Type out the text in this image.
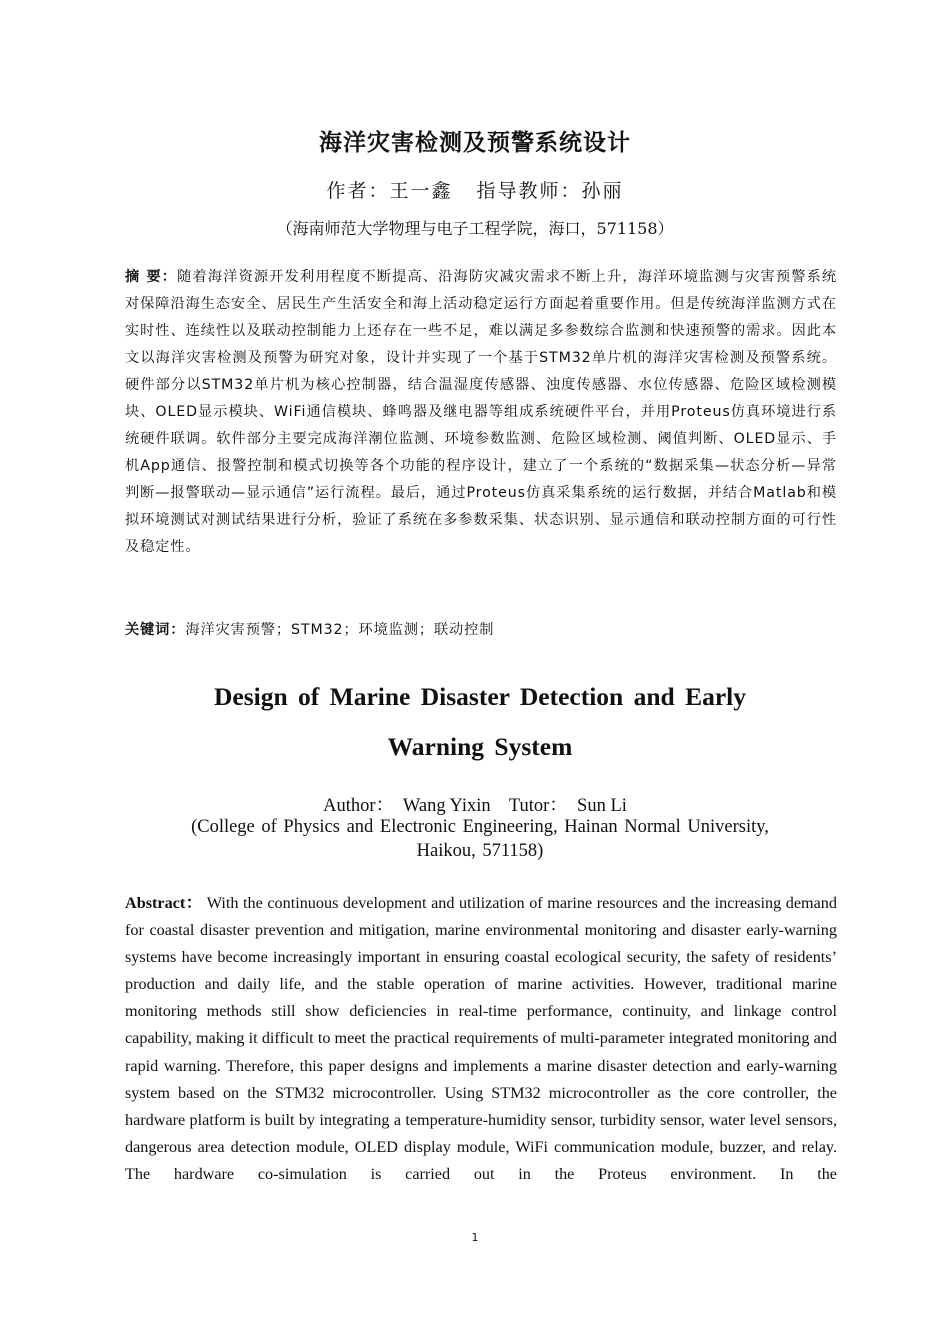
海洋灾害检测及预警系统设计
作者：王一鑫   指导教师：孙丽
（海南师范大学物理与电子工程学院，海口，571158）

摘 要：随着海洋资源开发利用程度不断提高、沿海防灾减灾需求不断上升，海洋环境监测与灾害预警系统对保障沿海生态安全、居民生产生活安全和海上活动稳定运行方面起着重要作用。但是传统海洋监测方式在实时性、连续性以及联动控制能力上还存在一些不足，难以满足多参数综合监测和快速预警的需求。因此本文以海洋灾害检测及预警为研究对象，设计并实现了一个基于STM32单片机的海洋灾害检测及预警系统。硬件部分以STM32单片机为核心控制器，结合温湿度传感器、浊度传感器、水位传感器、危险区域检测模块、OLED显示模块、WiFi通信模块、蜂鸣器及继电器等组成系统硬件平台，并用Proteus仿真环境进行系统硬件联调。软件部分主要完成海洋潮位监测、环境参数监测、危险区域检测、阈值判断、OLED显示、手机App通信、报警控制和模式切换等各个功能的程序设计，建立了一个系统的“数据采集—状态分析—异常判断—报警联动—显示通信”运行流程。最后，通过Proteus仿真采集系统的运行数据，并结合Matlab和模拟环境测试对测试结果进行分析，验证了系统在多参数采集、状态识别、显示通信和联动控制方面的可行性及稳定性。

关键词：海洋灾害预警；STM32；环境监测；联动控制
Design of Marine Disaster Detection and Early Warning System
Author：  Wang Yixin    Tutor：  Sun Li
(College of Physics and Electronic Engineering, Hainan Normal University, Haikou, 571158)

Abstract： With the continuous development and utilization of marine resources and the increasing demand for coastal disaster prevention and mitigation, marine environmental monitoring and disaster early-warning systems have become increasingly important in ensuring coastal ecological security, the safety of residents’ production and daily life, and the stable operation of marine activities. However, traditional marine monitoring methods still show deficiencies in real-time performance, continuity, and linkage control capability, making it difficult to meet the practical requirements of multi-parameter integrated monitoring and rapid warning. Therefore, this paper designs and implements a marine disaster detection and early-warning system based on the STM32 microcontroller. Using STM32 microcontroller as the core controller, the hardware platform is built by integrating a temperature-humidity sensor, turbidity sensor, water level sensors, dangerous area detection module, OLED display module, WiFi communication module, buzzer, and relay. The hardware co-simulation is carried out in the Proteus environment. In the

1
